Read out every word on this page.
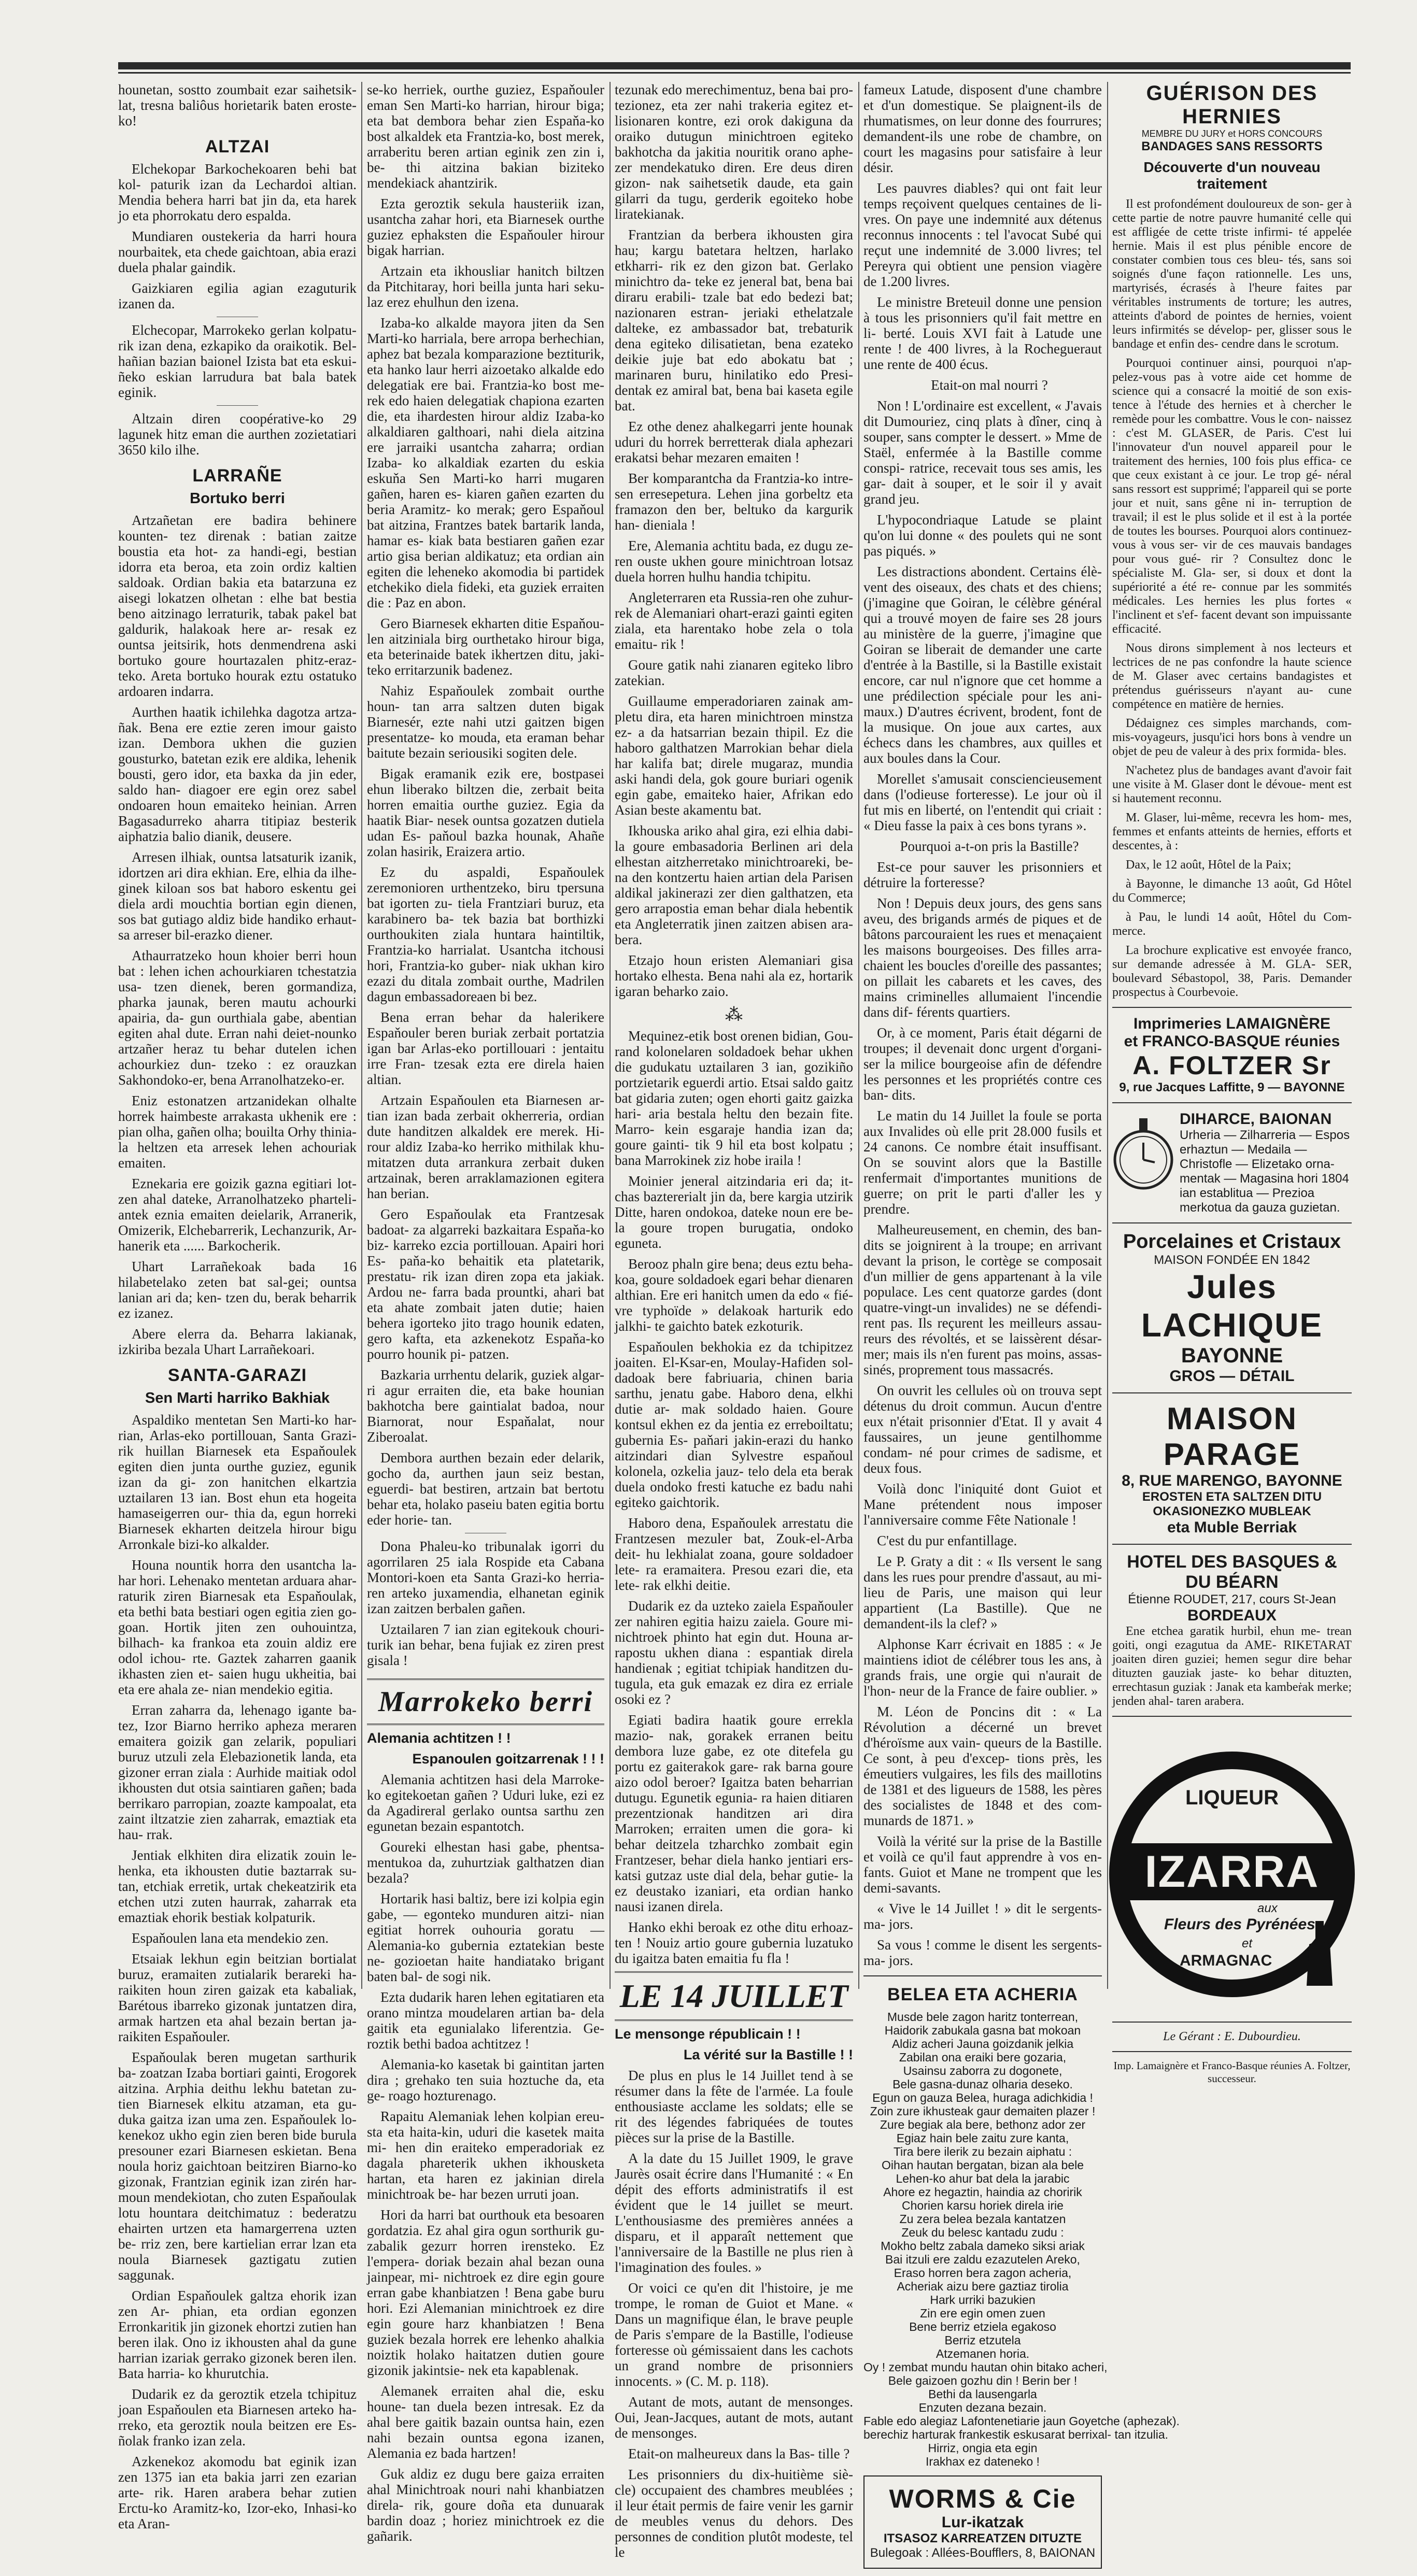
hounetan, sostto zoumbait ezar saihetsik- lat, tresna baliôus horietarik baten eroste- ko!

ALTZAI

Elchekopar Barkochekoaren behi bat kol- paturik izan da Lechardoi altian. Mendia behera harri bat jin da, eta harek jo eta phorrokatu dero espalda.

Mundiaren oustekeria da harri houra nourbaitek, eta chede gaichtoan, abia erazi duela phalar gaindik.

Gaizkiaren egilia agian ezaguturik izanen da.

Elchecopar, Marrokeko gerlan kolpatu- rik izan dena, ezkapiko da oraikotik. Bel- hañian bazian baionel Izista bat eta eskui- ñeko eskian larrudura bat bala batek eginik.

Altzain diren coopérative-ko 29 lagunek hitz eman die aurthen zozietatiari 3650 kilo ilhe.

LARRAÑE
Bortuko berri

Artzañetan ere badira behinere kounten- tez direnak : batian zaitze boustia eta hot- za handi-egi, bestian idorra eta beroa, eta zoin ordiz kaltien saldoak. Ordian bakia eta batarzuna ez aisegi lokatzen olhetan : elhe bat bestia beno aitzinago lerraturik, tabak pakel bat galdurik, halakoak here ar- resak ez ountsa jeitsirik, hots denmendrena aski bortuko goure hourtazalen phitz-eraz- teko. Areta bortuko hourak eztu ostatuko ardoaren indarra.

Aurthen haatik ichilehka dagotza artza- ñak. Bena ere eztie zeren imour gaisto izan. Dembora ukhen die guzien gousturko, batetan ezik ere aldika, lehenik bousti, gero idor, eta baxka da jin eder, saldo han- diagoer ere egin orez sabel ondoaren houn emaiteko heinian. Arren Bagasadurreko aharra titipiaz besterik aiphatzia balio dianik, deusere.

Arresen ilhiak, ountsa latsaturik izanik, idortzen ari dira ekhian. Ere, elhia da ilhe- ginek kiloan sos bat haboro eskentu gei diela ardi mouchtia bortian egin dienen, sos bat gutiago aldiz bide handiko erhaut- sa arreser bil-erazko diener.

Athaurratzeko houn khoier berri houn bat : lehen ichen achourkiaren tchestatzia usa- tzen dienek, beren gormandiza, pharka jaunak, beren mautu achourki apairia, da- gun ourthiala gabe, abentian egiten ahal dute. Erran nahi deiet-nounko artzañer heraz tu behar dutelen ichen achourkiez dun- tzeko : ez orauzkan Sakhondoko-er, bena Arranolhatzeko-er.

Eniz estonatzen artzanidekan olhalte horrek haimbeste arrakasta ukhenik ere : pian olha, gañen olha; bouilta Orhy thinia- la heltzen eta arresek lehen achouriak emaiten.

Eznekaria ere goizik gazna egitiari lot- zen ahal dateke, Arranolhatzeko pharteli- antek eznia emaiten deielarik, Arranerik, Omizerik, Elchebarrerik, Lechanzurik, Ar- hanerik eta ...... Barkocherik.

Uhart Larrañekoak bada 16 hilabetelako zeten bat sal-gei; ountsa lanian ari da; ken- tzen du, berak beharrik ez izanez.

Abere elerra da. Beharra lakianak, izkiriba bezala Uhart Larrañekoari.

SANTA-GARAZI
Sen Marti harriko Bakhiak

Aspaldiko mentetan Sen Marti-ko har- rian, Arlas-eko portillouan, Santa Grazi- rik huillan Biarnesek eta Espaňoulek egiten dien junta ourthe guziez, egunik izan da gi- zon hanitchen elkartzia uztailaren 13 ian. Bost ehun eta hogeita hamaseigerren our- thia da, egun horreki Biarnesek ekharten deitzela hirour bigu Arronkale bizi-ko alkalder.

Houna nountik horra den usantcha la- har hori. Lehenako mentetan arduara ahar- raturik ziren Biarnesak eta Espaňoulak, eta bethi bata bestiari ogen egitia zien go- goan. Hortik jiten zen ouhouintza, bilhach- ka frankoa eta zouin aldiz ere odol ichou- rte. Gaztek zaharren gaanik ikhasten zien et- saien hugu ukheitia, bai eta ere ahala ze- nian mendekio egitia.

Erran zaharra da, lehenago igante ba- tez, Izor Biarno herriko apheza meraren emaitera goizik gan zelarik, populiari buruz utzuli zela Elebazionetik landa, eta gizoner erran ziala : Aurhide maitiak odol ikhousten dut otsia saintiaren gañen; bada berrikaro parropian, zoazte kampoalat, eta zaint iltzatzie zien zaharrak, emaztiak eta hau- rrak.

Jentiak elkhiten dira elizatik zouin le- henka, eta ikhousten dutie baztarrak su- tan, etchiak erretik, urtak chekeatzirik eta etchen utzi zuten haurrak, zaharrak eta emaztiak ehorik bestiak kolpaturik.

Espaňoulen lana eta mendekio zen.

Etsaiak lekhun egin beitzian bortialat buruz, eramaiten zutialarik berareki ha- raikiten houn ziren gaizak eta kabaliak, Barétous ibarreko gizonak juntatzen dira, armak hartzen eta ahal bezain bertan ja- raikiten Espaňouler.

Espaňoulak beren mugetan sarthurik ba- zoatzan Izaba bortiari gainti, Erogorek aitzina. Arphia deithu lekhu batetan zu- tien Biarnesek elkitu atzaman, eta gu- duka gaitza izan uma zen. Espaňoulek lo- kenekoz ukho egin zien beren bide burula presouner ezari Biarnesen eskietan. Bena noula horiz gaichtoan beitziren Biarno-ko gizonak, Frantzian eginik izan zirén har- moun mendekiotan, cho zuten Espaňoulak lotu hountara deitchimatuz : bederatzu ehairten urtzen eta hamargerrena uzten be- rriz zen, bere kartielian errar lzan eta noula Biarnesek gaztigatu zutien saggunak.

Ordian Espaňoulek galtza ehorik izan zen Ar- phian, eta ordian egonzen Erronkaritik jin gizonek ehortzi zutien han beren ilak. Ono iz ikhousten ahal da gune harrian izariak gerrako gizonek beren ilen. Bata harria- ko khurutchia.

Dudarik ez da geroztik etzela tchipituz joan Espaňoulen eta Biarnesen arteko ha- rreko, eta geroztik noula beitzen ere Es- ñolak franko izan zela.

Azkenekoz akomodu bat eginik izan zen 1375 ian eta bakia jarri zen ezarian arte- rik. Haren arabera behar zutien Erctu-ko Aramitz-ko, Izor-eko, Inhasi-ko eta Aran-

se-ko herriek, ourthe guziez, Espaňouler eman Sen Marti-ko harrian, hirour biga; eta bat dembora behar zien Espaňa-ko bost alkaldek eta Frantzia-ko, bost merek, arraberitu beren artian eginik zen zin i, be- thi aitzina bakian biziteko mendekiack ahantzirik.

Ezta geroztik sekula hausteriik izan, usantcha zahar hori, eta Biarnesek ourthe guziez ephaksten die Espaňouler hirour bigak harrian.

Artzain eta ikhousliar hanitch biltzen da Pitchitaray, hori beilla junta hari seku- laz erez ehulhun den izena.

Izaba-ko alkalde mayora jiten da Sen Marti-ko harriala, bere arropa berhechian, aphez bat bezala komparazione beztiturik, eta hanko laur herri aizoetako alkalde edo delegatiak ere bai. Frantzia-ko bost me- rek edo haien delegatiak chapiona ezarten die, eta ihardesten hirour aldiz Izaba-ko alkaldiaren galthoari, nahi diela aitzina ere jarraiki usantcha zaharra; ordian Izaba- ko alkaldiak ezarten du eskia eskuňa Sen Marti-ko harri mugaren gañen, haren es- kiaren gañen ezarten du beria Aramitz- ko merak; gero Espaňoul bat aitzina, Frantzes batek bartarik landa, hamar es- kiak bata bestiaren gañen ezar artio gisa berian aldikatuz; eta ordian ain egiten die leheneko akomodia bi partidek etchekiko diela fideki, eta guziek erraiten die : Paz en abon.

Gero Biarnesek ekharten ditie Espaňou- len aitziniala birg ourthetako hirour biga, eta beterinaide batek ikhertzen ditu, jaki- teko erritarzunik badenez.

Nahiz Espaňoulek zombait ourthe houn- tan arra saltzen duten bigak Biarnesér, ezte nahi utzi gaitzen bigen presentatze- ko mouda, eta eraman behar baitute bezain seriousiki sogiten dele.

Bigak eramanik ezik ere, bostpasei ehun liberako biltzen die, zerbait beita horren emaitia ourthe guziez. Egia da haatik Biar- nesek ountsa gozatzen dutiela udan Es- paňoul bazka hounak, Ahañe zolan hasirik, Eraizera artio.

Ez du aspaldi, Espaňoulek zeremonioren urthentzeko, biru tpersuna bat igorten zu- tiela Frantziari buruz, eta karabinero ba- tek bazia bat borthizki ourthoukiten ziala huntara haintiltik, Frantzia-ko harrialat. Usantcha itchousi hori, Frantzia-ko guber- niak ukhan kiro ezazi du ditala zombait ourthe, Madrilen dagun embassadoreaen bi bez.

Bena erran behar da halerikere Espaňouler beren buriak zerbait portatzia igan bar Arlas-eko portillouari : jentaitu irre Fran- tzesak ezta ere direla haien altian.

Artzain Espaňoulen eta Biarnesen ar- tian izan bada zerbait okherreria, ordian dute handitzen alkaldek ere merek. Hi- rour aldiz Izaba-ko herriko mithilak khu- mitatzen duta arrankura zerbait duken artzainak, beren arraklamazionen egitera han berian.

Gero Espaňoulak eta Frantzesak badoat- za algarreki bazkaitara Espaňa-ko biz- karreko ezcia portillouan. Apairi hori Es- paňa-ko behaitik eta platetarik, prestatu- rik izan diren zopa eta jakiak. Ardou ne- farra bada prountki, ahari bat eta ahate zombait jaten dutie; haien behera igorteko jito trago hounik edaten, gero kafta, eta azkenekotz Espaňa-ko pourro hounik pi- patzen.

Bazkaria urrhentu delarik, guziek algar- ri agur erraiten die, eta bake hounian bakhotcha bere gaintialat badoa, nour Biarnorat, nour Espaňalat, nour Ziberoalat.

Dembora aurthen bezain eder delarik, gocho da, aurthen jaun seiz bestan, eguerdi- bat bestiren, artzain bat bertotu behar eta, holako paseiu baten egitia bortu eder horie- tan.

Dona Phaleu-ko tribunalak igorri du agorrilaren 25 iala Rospide eta Cabana Montori-koen eta Santa Grazi-ko herria- ren arteko juxamendia, elhanetan eginik izan zaitzen berbalen gañen.

Uztailaren 7 ian zian egitekouk chouri- turik ian behar, bena fujiak ez ziren prest gisala !

Marrokeko berri

Alemania achtitzen ! !

Espanoulen goitzarrenak ! ! !

Alemania achtitzen hasi dela Marroke- ko egitekoetan gañen ? Uduri luke, ezi ez da Agadireral gerlako ountsa sarthu zen egunetan bezain espantotch.

Goureki elhestan hasi gabe, phentsa- mentukoa da, zuhurtziak galthatzen dian bezala?

Hortarik hasi baltiz, bere izi kolpia egin gabe, — egonteko munduren aitzi- nian egitiat horrek ouhouria goratu — Alemania-ko gubernia eztatekian beste ne- gozioetan haite handiatako brigant baten bal- de sogi nik.

Ezta dudarik haren lehen egitatiaren eta orano mintza moudelaren artian ba- dela gaitik eta egunialako liferentzia. Ge- roztik bethi badoa achtitzez !

Alemania-ko kasetak bi gaintitan jarten dira ; grehako ten suia hoztuche da, eta ge- roago hozturenago.

Rapaitu Alemaniak lehen kolpian ereu- sta eta haita-kin, uduri die kasetek maita mi- hen din eraiteko emperadoriak ez dagala phareterik ukhen ikhousketa hartan, eta haren ez jakinian direla minichtroak be- har bezen urruti joan.

Hori da harri bat ourthouk eta besoaren gordatzia. Ez ahal gira ogun sorthurik gu- zabalik gezurr horren irensteko. Ez l'empera- doriak bezain ahal bezan ouna jainpear, mi- nichtroek ez dire egin goure erran gabe khanbiatzen ! Bena gabe buru hori. Ezi Alemanian minichtroek ez dire egin goure harz khanbiatzen ! Bena guziek bezala horrek ere lehenko ahalkia noiztik holako haitatzen dutien goure gizonik jakintsie- nek eta kapablenak.

Alemanek erraiten ahal die, esku houne- tan duela bezen intresak. Ez da ahal bere gaitik bazain ountsa hain, ezen nahi bezain ountsa egona izanen, Alemania ez bada hartzen!

Guk aldiz ez dugu bere gaiza erraiten ahal Minichtroak nouri nahi khanbiatzen direla- rik, goure doña eta dunuarak bardin doaz ; horiez minichtroek ez die gañarik.

tezunak edo merechimentuz, bena bai pro- tezionez, eta zer nahi trakeria egitez et- lisionaren kontre, ezi orok dakiguna da oraiko dutugun minichtroen egiteko bakhotcha da jakitia nouritik orano aphe- zer mendekatuko diren. Ere deus diren gizon- nak saihetsetik daude, eta gain gilarri da tugu, gerderik egoiteko hobe liratekianak.

Frantzian da berbera ikhousten gira hau; kargu batetara heltzen, harlako etkharri- rik ez den gizon bat. Gerlako minichtro da- teke ez jeneral bat, bena bai diraru erabili- tzale bat edo bedezi bat; nazionaren estran- jeriaki ethelatzale dalteke, ez ambassador bat, trebaturik dena egiteko dilisatietan, bena ezateko deikie juje bat edo abokatu bat ; marinaren buru, hinilatiko edo Presi- dentak ez amiral bat, bena bai kaseta egile bat.

Ez othe denez ahalkegarri jente hounak uduri du horrek berretterak diala aphezari erakatsi behar mezaren emaiten !

Ber komparantcha da Frantzia-ko intre- sen erresepetura. Lehen jina gorbeltz eta framazon den ber, beltuko da kargurik han- dieniala !

Ere, Alemania achtitu bada, ez dugu ze- ren ouste ukhen goure minichtroan lotsaz duela horren hulhu handia tchipitu.

Angleterraren eta Russia-ren ohe zuhur- rek de Alemaniari ohart-erazi gainti egiten ziala, eta harentako hobe zela o tola emaitu- rik !

Goure gatik nahi zianaren egiteko libro zatekian.

Guillaume emperadoriaren zainak am- pletu dira, eta haren minichtroen minstza ez- a da hatsarrian bezain thipil. Ez die haboro galthatzen Marrokian behar diela har kalifa bat; direle mugaraz, mundia aski handi dela, gok goure buriari ogenik egin gabe, emaiteko haier, Afrikan edo Asian beste akamentu bat.

Ikhouska ariko ahal gira, ezi elhia dabi- la goure embasadoria Berlinen ari dela elhestan aitzherretako minichtroareki, be- na den kontzertu haien artian dela Parisen aldikal jakinerazi zer dien galthatzen, eta gero arrapostia eman behar diala hebentik eta Angleterratik jinen zaitzen abisen ara- bera.

Etzajo houn eristen Alemaniari gisa hortako elhesta. Bena nahi ala ez, hortarik igaran beharko zaio.

⁂

Mequinez-etik bost orenen bidian, Gou- rand kolonelaren soldadoek behar ukhen die gudukatu uztailaren 3 ian, gozikiño portzietarik eguerdi artio. Etsai saldo gaitz bat gidaria zuten; ogen ehorti gaitz gaizka hari- aria bestala heltu den bezain fite. Marro- kein esgaraje handia izan da; goure gainti- tik 9 hil eta bost kolpatu ; bana Marrokinek ziz hobe iraila !

Moinier jeneral aitzindaria eri da; it- chas baztererialt jin da, bere kargia utzirik Ditte, haren ondokoa, dateke noun ere be- la goure tropen burugatia, ondoko eguneta.

Berooz phaln gire bena; deus eztu beha- koa, goure soldadoek egari behar dienaren althian. Ere eri hanitch umen da edo « fié- vre typhoïde » delakoak harturik edo jalkhi- te gaichto batek ezkoturik.

Espaňoulen bekhokia ez da tchipitzez joaiten. El-Ksar-en, Moulay-Hafiden sol- dadoak bere fabriuaria, chinen baria sarthu, jenatu gabe. Haboro dena, elkhi dutie ar- mak soldado haien. Goure kontsul ekhen ez da jentia ez erreboiltatu; gubernia Es- paňari jakin-erazi du hanko aitzindari dian Sylvestre espaňoul kolonela, ozkelia jauz- telo dela eta berak duela ondoko fresti katuche ez badu nahi egiteko gaichtorik.

Haboro dena, Espaňoulek arrestatu die Frantzesen mezuler bat, Zouk-el-Arba deit- hu lekhialat zoana, goure soldadoer lete- ra eramaitera. Presou ezari die, eta lete- rak elkhi deitie.

Dudarik ez da uzteko zaiela Espaňouler zer nahiren egitia haizu zaiela. Goure mi- nichtroek phinto hat egin dut. Houna ar- rapostu ukhen diana : espantiak direla handienak ; egitiat tchipiak handitzen du- tugula, eta guk emazak ez dira ez erriale osoki ez ?

Egiati badira haatik goure errekla mazio- nak, gorakek erranen beitu dembora luze gabe, ez ote ditefela gu portu ez gaiterakok gare- rak barna goure aizo odol beroer? Igaitza baten beharrian dutugu. Egunetik egunia- ra haien ditiaren prezentzionak handitzen ari dira Marroken; erraiten umen die gora- ki behar deitzela tzharchko zombait egin Frantzeser, behar diela hanko jentiari ers- katsi gutzaz uste dial dela, behar gutie- la ez deustako izaniari, eta ordian hanko nausi izanen direla.

Hanko ekhi beroak ez othe ditu erhoaz- ten ! Nouiz artio goure gubernia luzatuko du igaitza baten emaitia fu fla !

LE 14 JUILLET

Le mensonge républicain ! !

La vérité sur la Bastille ! !

De plus en plus le 14 Juillet tend à se résumer dans la fête de l'armée. La foule enthousiaste acclame les soldats; elle se rit des légendes fabriquées de toutes pièces sur la prise de la Bastille.

A la date du 15 Juillet 1909, le grave Jaurès osait écrire dans l'Humanité : « En dépit des efforts administratifs il est évident que le 14 juillet se meurt. L'enthousiasme des premières années a disparu, et il apparaît nettement que l'anniversaire de la Bastille ne plus rien à l'imagination des foules. »

Or voici ce qu'en dit l'histoire, je me trompe, le roman de Guiot et Mane. « Dans un magnifique élan, le brave peuple de Paris s'empare de la Bastille, l'odieuse forteresse où gémissaient dans les cachots un grand nombre de prisonniers innocents. » (C. M. p. 118).

Autant de mots, autant de mensonges. Oui, Jean-Jacques, autant de mots, autant de mensonges.

Etait-on malheureux dans la Bas- tille ?

Les prisonniers du dix-huitième siè- cle) occupaient des chambres meublées ; il leur était permis de faire venir les garnir de meubles venus du dehors. Des personnes de condition plutôt modeste, tel le

fameux Latude, disposent d'une chambre et d'un domestique. Se plaignent-ils de rhumatismes, on leur donne des fourrures; demandent-ils une robe de chambre, on court les magasins pour satisfaire à leur désir.

Les pauvres diables? qui ont fait leur temps reçoivent quelques centaines de li- vres. On paye une indemnité aux détenus reconnus innocents : tel l'avocat Subé qui reçut une indemnité de 3.000 livres; tel Pereyra qui obtient une pension viagère de 1.200 livres.

Le ministre Breteuil donne une pension à tous les prisonniers qu'il fait mettre en li- berté. Louis XVI fait à Latude une rente ! de 400 livres, à la Rochegueraut une rente de 400 écus.

Etait-on mal nourri ?

Non ! L'ordinaire est excellent, « J'avais dit Dumouriez, cinq plats à dîner, cinq à souper, sans compter le dessert. » Mme de Staël, enfermée à la Bastille comme conspi- ratrice, recevait tous ses amis, les gar- dait à souper, et le soir il y avait grand jeu.

L'hypocondriaque Latude se plaint qu'on lui donne « des poulets qui ne sont pas piqués. »

Les distractions abondent. Certains élè- vent des oiseaux, des chats et des chiens; (j'imagine que Goiran, le célèbre général qui a trouvé moyen de faire ses 28 jours au ministère de la guerre, j'imagine que Goiran se liberait de demander une carte d'entrée à la Bastille, si la Bastille existait encore, car nul n'ignore que cet homme a une prédilection spéciale pour les ani- maux.) D'autres écrivent, brodent, font de la musique. On joue aux cartes, aux échecs dans les chambres, aux quilles et aux boules dans la Cour.

Morellet s'amusait consciencieusement dans (l'odieuse forteresse). Le jour où il fut mis en liberté, on l'entendit qui criait : « Dieu fasse la paix à ces bons tyrans ».

Pourquoi a-t-on pris la Bastille?

Est-ce pour sauver les prisonniers et détruire la forteresse?

Non ! Depuis deux jours, des gens sans aveu, des brigands armés de piques et de bâtons parcouraient les rues et menaçaient les maisons bourgeoises. Des filles arra- chaient les boucles d'oreille des passantes; on pillait les cabarets et les caves, des mains criminelles allumaient l'incendie dans dif- férents quartiers.

Or, à ce moment, Paris était dégarni de troupes; il devenait donc urgent d'organi- ser la milice bourgeoise afin de défendre les personnes et les propriétés contre ces ban- dits.

Le matin du 14 Juillet la foule se porta aux Invalides où elle prit 28.000 fusils et 24 canons. Ce nombre était insuffisant. On se souvint alors que la Bastille renfermait d'importantes munitions de guerre; on prit le parti d'aller les y prendre.

Malheureusement, en chemin, des ban- dits se joignirent à la troupe; en arrivant devant la prison, le cortège se composait d'un millier de gens appartenant à la vile populace. Les cent quatorze gardes (dont quatre-vingt-un invalides) ne se défendi- rent pas. Ils reçurent les meilleurs assau- reurs des révoltés, et se laissèrent désar- mer; mais ils n'en furent pas moins, assas- sinés, proprement tous massacrés.

On ouvrit les cellules où on trouva sept détenus du droit commun. Aucun d'entre eux n'était prisonnier d'Etat. Il y avait 4 faussaires, un jeune gentilhomme condam- né pour crimes de sadisme, et deux fous.

Voilà donc l'iniquité dont Guiot et Mane prétendent nous imposer l'anniversaire comme Fête Nationale !

C'est du pur enfantillage.

Le P. Graty a dit : « Ils versent le sang dans les rues pour prendre d'assaut, au mi- lieu de Paris, une maison qui leur appartient (La Bastille). Que ne demandent-ils la clef? »

Alphonse Karr écrivait en 1885 : « Je maintiens idiot de célébrer tous les ans, à grands frais, une orgie qui n'aurait de l'hon- neur de la France de faire oublier. »

M. Léon de Poncins dit : « La Révolution a décerné un brevet d'héroïsme aux vain- queurs de la Bastille. Ce sont, à peu d'excep- tions près, les émeutiers vulgaires, les fils des maillotins de 1381 et des ligueurs de 1588, les pères des socialistes de 1848 et des com- munards de 1871. »

Voilà la vérité sur la prise de la Bastille et voilà ce qu'il faut apprendre à vos en- fants. Guiot et Mane ne trompent que les demi-savants.

« Vive le 14 Juillet ! » dit le sergents-ma- jors.

Sa vous ! comme le disent les sergents-ma- jors.

BELEA ETA ACHERIA
Musde bele zagon haritz tonterrean,
Haidorik zabukala gasna bat mokoan
Aldiz acheri Jauna goizdanik jelkia
Zabilan ona eraiki bere gozaria,
Usainsu zaborra zu dogonete,
Bele gasna-dunaz olharia deseko.
Egun on gauza Belea, huraga adichkidia !
Zoin zure ikhusteak gaur demaiten plazer !
Zure begiak ala bere, bethonz ador zer
Egiaz hain bele zaitu zure kanta,
Tira bere ilerik zu bezain aiphatu :
Oihan hautan bergatan, bizan ala bele
Lehen-ko ahur bat dela la jarabic
Ahore ez hegaztin, haindia az choririk
Chorien karsu horiek direla irie
Zu zera belea bezala kantatzen
Zeuk du belesc kantadu zudu :
Mokho beltz zabala dameko siksi ariak
Bai itzuli ere zaldu ezazutelen Areko,
Eraso horren bera zagon acheria,
Acheriak aizu bere gaztiaz tirolia
Hark urriki bazukien
Zin ere egin omen zuen
Bene berriz etziela egakoso
Berriz etzutela
Atzemanen horia.
Oy ! zembat mundu hautan ohin bitako acheri,
Bele gaizoen gozhu din ! Berin ber !
Bethi da lausengarla
Enzuten dezana bezain.
Fable edo alegiaz Lafontenetiarie jaun Goyetche (aphezak).
berechiz harturak frankestik eskusarat berrixal- tan itzulia.
Hirriz, ongia eta egin
Irakhax ez dateneko !
WORMS & Cie
Lur-ikatzak
ITSASOZ KARREATZEN DITUZTE
Bulegoak : Allées-Boufflers, 8, BAIONAN
GUÉRISON DES HERNIES
MEMBRE DU JURY et HORS CONCOURS
BANDAGES SANS RESSORTS
Découverte d'un nouveau traitement

Il est profondément douloureux de son- ger à cette partie de notre pauvre humanité celle qui est affligée de cette triste infirmi- té appelée hernie. Mais il est plus pénible encore de constater combien tous ces bleu- tés, sans soi soignés d'une façon rationnelle. Les uns, martyrisés, écrasés à l'heure faites par véritables instruments de torture; les autres, atteints d'abord de pointes de hernies, voient leurs infirmités se dévelop- per, glisser sous le bandage et enfin des- cendre dans le scrotum.

Pourquoi continuer ainsi, pourquoi n'ap- pelez-vous pas à votre aide cet homme de science qui a consacré la moitié de son exis- tence à l'étude des hernies et à chercher le remède pour les combattre. Vous le con- naissez : c'est M. GLASER, de Paris. C'est lui l'innovateur d'un nouvel appareil pour le traitement des hernies, 100 fois plus effica- ce que ceux existant à ce jour. Le trop gé- néral sans ressort est supprimé; l'appareil qui se porte jour et nuit, sans gêne ni in- terruption de travail; il est le plus solide et il est à la portée de toutes les bourses. Pourquoi alors continuez-vous à vous ser- vir de ces mauvais bandages pour vous gué- rir ? Consultez donc le spécialiste M. Gla- ser, si doux et dont la supériorité a été re- connue par les sommités médicales. Les hernies les plus fortes « l'inclinent et s'ef- facent devant son impuissante efficacité.

Nous dirons simplement à nos lecteurs et lectrices de ne pas confondre la haute science de M. Glaser avec certains bandagistes et prétendus guérisseurs n'ayant au- cune compétence en matière de hernies.

Dédaignez ces simples marchands, com- mis-voyageurs, jusqu'ici hors bons à vendre un objet de peu de valeur à des prix formida- bles.

N'achetez plus de bandages avant d'avoir fait une visite à M. Glaser dont le dévoue- ment est si hautement reconnu.

M. Glaser, lui-même, recevra les hom- mes, femmes et enfants atteints de hernies, efforts et descentes, à :

Dax, le 12 août, Hôtel de la Paix;

à Bayonne, le dimanche 13 août, Gd Hôtel du Commerce;

à Pau, le lundi 14 août, Hôtel du Com- merce.

La brochure explicative est envoyée franco, sur demande adressée à M. GLA- SER, boulevard Sébastopol, 38, Paris. Demander prospectus à Courbevoie.

Imprimeries LAMAIGNÈRE
et FRANCO-BASQUE réunies
A. FOLTZER Sr
9, rue Jacques Laffitte, 9 — BAYONNE
DIHARCE, BAIONAN
Urheria — Zilharreria — Espos erhaztun — Medaila — Christofle — Elizetako orna- mentak — Magasina hori 1804 ian establitua — Prezioa merkotua da gauza guzietan.
Porcelaines et Cristaux
MAISON FONDÉE EN 1842
Jules LACHIQUE
BAYONNE
GROS — DÉTAIL
MAISON PARAGE
8, RUE MARENGO, BAYONNE
EROSTEN ETA SALTZEN DITU
OKASIONEZKO MUBLEAK
eta Muble Berriak
HOTEL DES BASQUES & DU BÉARN
Étienne ROUDET, 217, cours St-Jean
BORDEAUX

Ene etchea garatik hurbil, ehun me- trean goiti, ongi ezagutua da AME- RIKETARAT joaiten diren guziei; hemen segur dire behar dituzten gauziak jaste- ko behar dituzten, errechtasun guziak : Janak eta kambeṙak merke; jenden ahal- taren arabera.

LIQUEUR
IZARRA
aux
Fleurs des Pyrénées
et
ARMAGNAC
Le Gérant : E. Dubourdieu.
Imp. Lamaignère et Franco-Basque réunies A. Foltzer, successeur.
